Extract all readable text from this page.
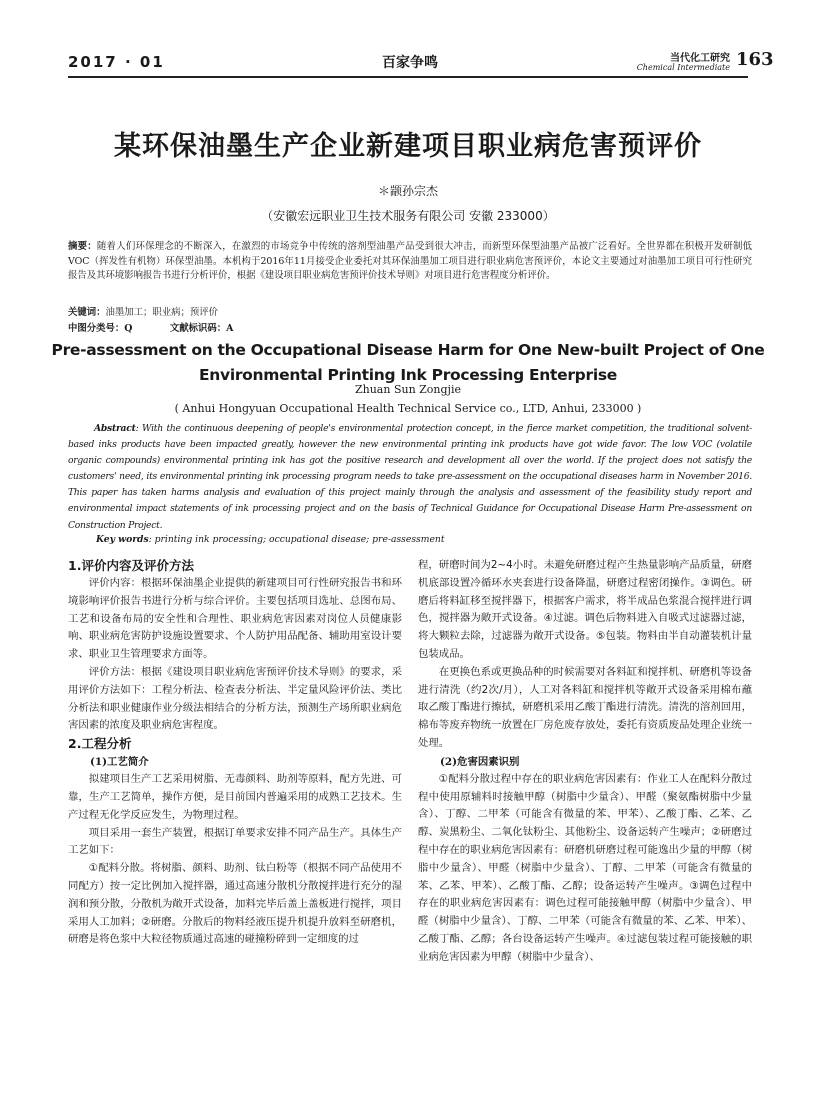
2017 · 01	百家争鸣	当代化工研究
Chemical Intermediate 163
某环保油墨生产企业新建项目职业病危害预评价
＊颛孙宗杰
（安徽宏远职业卫生技术服务有限公司 安徽 233000）
摘要：随着人们环保理念的不断深入，在激烈的市场竞争中传统的溶剂型油墨产品受到很大冲击，而新型环保型油墨产品被广泛看好。全世界都在积极开发研制低VOC（挥发性有机物）环保型油墨。本机构于2016年11月接受企业委托对其环保油墨加工项目进行职业病危害预评价，本论文主要通过对油墨加工项目可行性研究报告及其环境影响报告书进行分析评价，根据《建设项目职业病危害预评价技术导则》对项目进行危害程度分析评价。
关键词：油墨加工；职业病；预评价
中图分类号：Q　　　　文献标识码：A
Pre-assessment on the Occupational Disease Harm for One New-built Project of One
Environmental Printing Ink Processing Enterprise
Zhuan Sun Zongjie
( Anhui Hongyuan Occupational Health Technical Service co., LTD, Anhui, 233000 )
Abstract: With the continuous deepening of people's environmental protection concept, in the fierce market competition, the traditional solvent-based inks products have been impacted greatly, however the new environmental printing ink products have got wide favor. The low VOC (volatile organic compounds) environmental printing ink has got the positive research and development all over the world. If the project does not satisfy the customers' need, its environmental printing ink processing program needs to take pre-assessment on the occupational diseases harm in November 2016. This paper has taken harms analysis and evaluation of this project mainly through the analysis and assessment of the feasibility study report and environmental impact statements of ink processing project and on the basis of Technical Guidance for Occupational Disease Harm Pre-assessment on Construction Project.
Key words: printing ink processing; occupational disease; pre-assessment
1.评价内容及评价方法

评价内容：根据环保油墨企业提供的新建项目可行性研究报告书和环境影响评价报告书进行分析与综合评价。主要包括项目选址、总图布局、工艺和设备布局的安全性和合理性、职业病危害因素对岗位人员健康影响、职业病危害防护设施设置要求、个人防护用品配备、辅助用室设计要求、职业卫生管理要求方面等。

评价方法：根据《建设项目职业病危害预评价技术导则》的要求，采用评价方法如下：工程分析法、检查表分析法、半定量风险评价法、类比分析法和职业健康作业分级法相结合的分析方法，预测生产场所职业病危害因素的浓度及职业病危害程度。

2.工程分析
(1)工艺简介

拟建项目生产工艺采用树脂、无毒颜料、助剂等原料，配方先进、可靠，生产工艺简单，操作方便，是目前国内普遍采用的成熟工艺技术。生产过程无化学反应发生，为物理过程。

项目采用一套生产装置，根据订单要求安排不同产品生产。具体生产工艺如下：

①配料分散。将树脂、颜料、助剂、钛白粉等（根据不同产品使用不同配方）按一定比例加入搅拌器，通过高速分散机分散搅拌进行充分的湿润和预分散，分散机为敞开式设备，加料完毕后盖上盖板进行搅拌，项目采用人工加料；②研磨。分散后的物料经液压提升机提升放料至研磨机，研磨是将色浆中大粒径物质通过高速的碰撞粉碎到一定细度的过

程，研磨时间为2~4小时。未避免研磨过程产生热量影响产品质量，研磨机底部设置冷循环水夹套进行设备降温，研磨过程密闭操作。③调色。研磨后将料缸移至搅拌器下，根据客户需求，将半成品色浆混合搅拌进行调色，搅拌器为敞开式设备。④过滤。调色后物料进入自吸式过滤器过滤，将大颗粒去除，过滤器为敞开式设备。⑤包装。物料由半自动灌装机计量包装成品。

在更换色系或更换品种的时候需要对各料缸和搅拌机、研磨机等设备进行清洗（约2次/月），人工对各料缸和搅拌机等敞开式设备采用棉布蘸取乙酸丁酯进行擦拭，研磨机采用乙酸丁酯进行清洗。清洗的溶剂回用，棉布等废弃物统一放置在厂房危废存放处，委托有资质废品处理企业统一处理。

(2)危害因素识别

①配料分散过程中存在的职业病危害因素有：作业工人在配料分散过程中使用原辅料时接触甲醇（树脂中少量含）、甲醛（聚氨酯树脂中少量含）、丁醇、二甲苯（可能含有微量的苯、甲苯）、乙酸丁酯、乙苯、乙醇、炭黑粉尘、二氧化钛粉尘、其他粉尘、设备运转产生噪声；②研磨过程中存在的职业病危害因素有：研磨机研磨过程可能逸出少量的甲醇（树脂中少量含）、甲醛（树脂中少量含）、丁醇、二甲苯（可能含有微量的苯、乙苯、甲苯）、乙酸丁酯、乙醇；设备运转产生噪声。③调色过程中存在的职业病危害因素有：调色过程可能接触甲醇（树脂中少量含）、甲醛（树脂中少量含）、丁醇、二甲苯（可能含有微量的苯、乙苯、甲苯）、乙酸丁酯、乙醇；各台设备运转产生噪声。④过滤包装过程可能接触的职业病危害因素为甲醇（树脂中少量含）、
